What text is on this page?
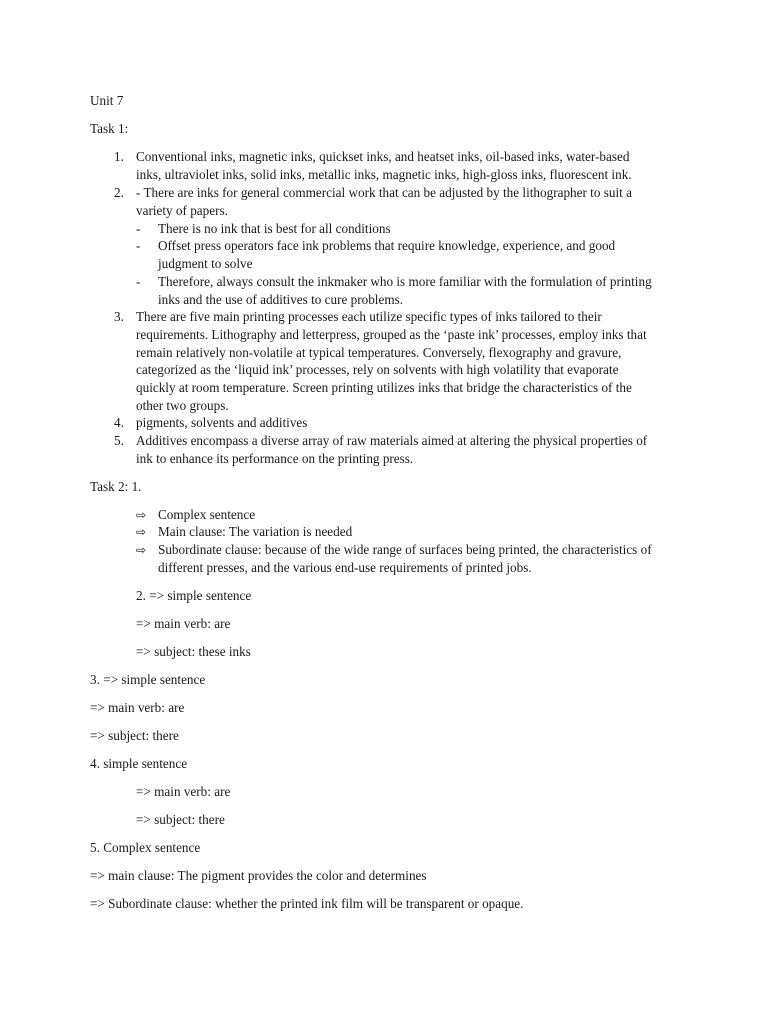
Unit 7
Task 1:
1. Conventional inks, magnetic inks, quickset inks, and heatset inks, oil-based inks, water-based
inks, ultraviolet inks, solid inks, metallic inks, magnetic inks, high-gloss inks, fluorescent ink.
2. - There are inks for general commercial work that can be adjusted by the lithographer to suit a
variety of papers.
- There is no ink that is best for all conditions
- Offset press operators face ink problems that require knowledge, experience, and good
judgment to solve
- Therefore, always consult the inkmaker who is more familiar with the formulation of printing
inks and the use of additives to cure problems.
3. There are five main printing processes each utilize specific types of inks tailored to their
requirements. Lithography and letterpress, grouped as the ‘paste ink’ processes, employ inks that
remain relatively non-volatile at typical temperatures. Conversely, flexography and gravure,
categorized as the ‘liquid ink’ processes, rely on solvents with high volatility that evaporate
quickly at room temperature. Screen printing utilizes inks that bridge the characteristics of the
other two groups.
4. pigments, solvents and additives
5. Additives encompass a diverse array of raw materials aimed at altering the physical properties of
ink to enhance its performance on the printing press.
Task 2: 1.
⇨ Complex sentence
⇨ Main clause: The variation is needed
⇨ Subordinate clause: because of the wide range of surfaces being printed, the characteristics of
different presses, and the various end-use requirements of printed jobs.
2. => simple sentence
=> main verb: are
=> subject: these inks
3. => simple sentence
=> main verb: are
=> subject: there
4. simple sentence
=> main verb: are
=> subject: there
5. Complex sentence
=> main clause: The pigment provides the color and determines
=> Subordinate clause: whether the printed ink film will be transparent or opaque.
